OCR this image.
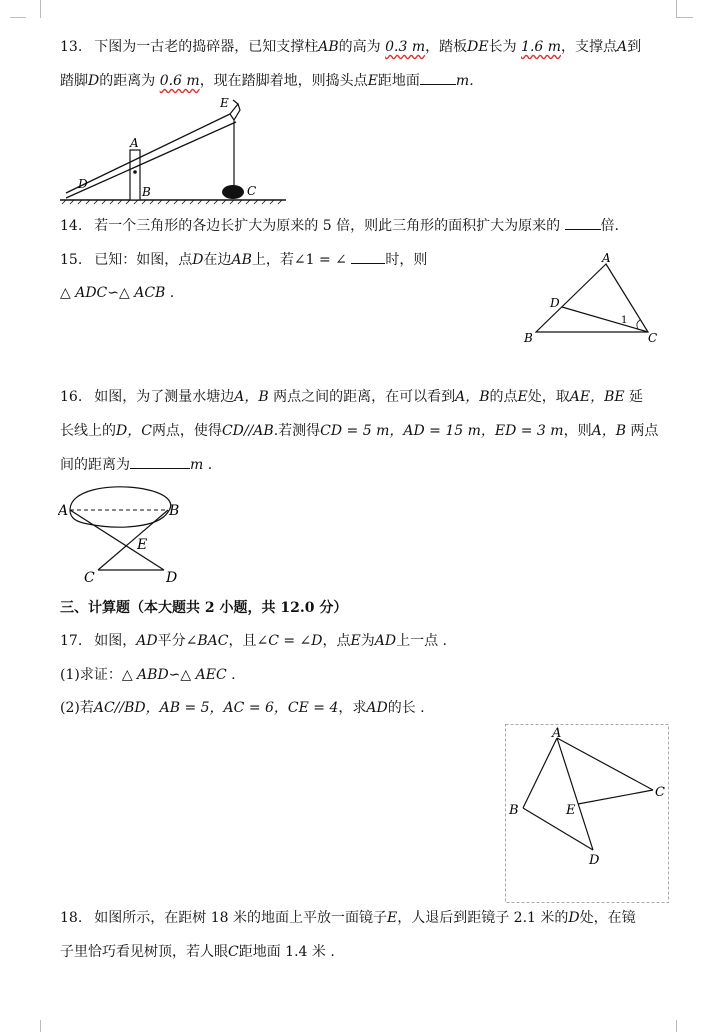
13. 下图为一古老的捣碎器，已知支撑柱AB的高为 0.3 m，踏板DE长为 1.6 m，支撑点A到
踏脚D的距离为 0.6 m，现在踏脚着地，则捣头点E距地面	m.
A
B	C
D
E
14. 若一个三角形的各边长扩大为原来的 5 倍，则此三角形的面积扩大为原来的	倍.
15. 已知：如图，点D在边AB上，若∠1 = ∠	时，则
△ ADC∽△ ACB .
A
B	C
D
1
16. 如图，为了测量水塘边A，B 两点之间的距离，在可以看到A，B的点E处，取AE，BE 延
长线上的D，C两点，使得CD//AB.若测得CD = 5 m，AD = 15 m，ED = 3 m，则A，B 两点
间的距离为	m .
A	B
C	D
E
三、计算题（本大题共 2 小题，共 12.0 分）
17. 如图，AD平分∠BAC，且∠C = ∠D，点E为AD上一点 .
(1)求证：△ ABD∽△ AEC .
(2)若AC//BD，AB = 5，AC = 6，CE = 4，求AD的长 .
A
B
C
D
E
18. 如图所示，在距树 18 米的地面上平放一面镜子E，人退后到距镜子 2.1 米的D处，在镜
子里恰巧看见树顶，若人眼C距地面 1.4 米 .
